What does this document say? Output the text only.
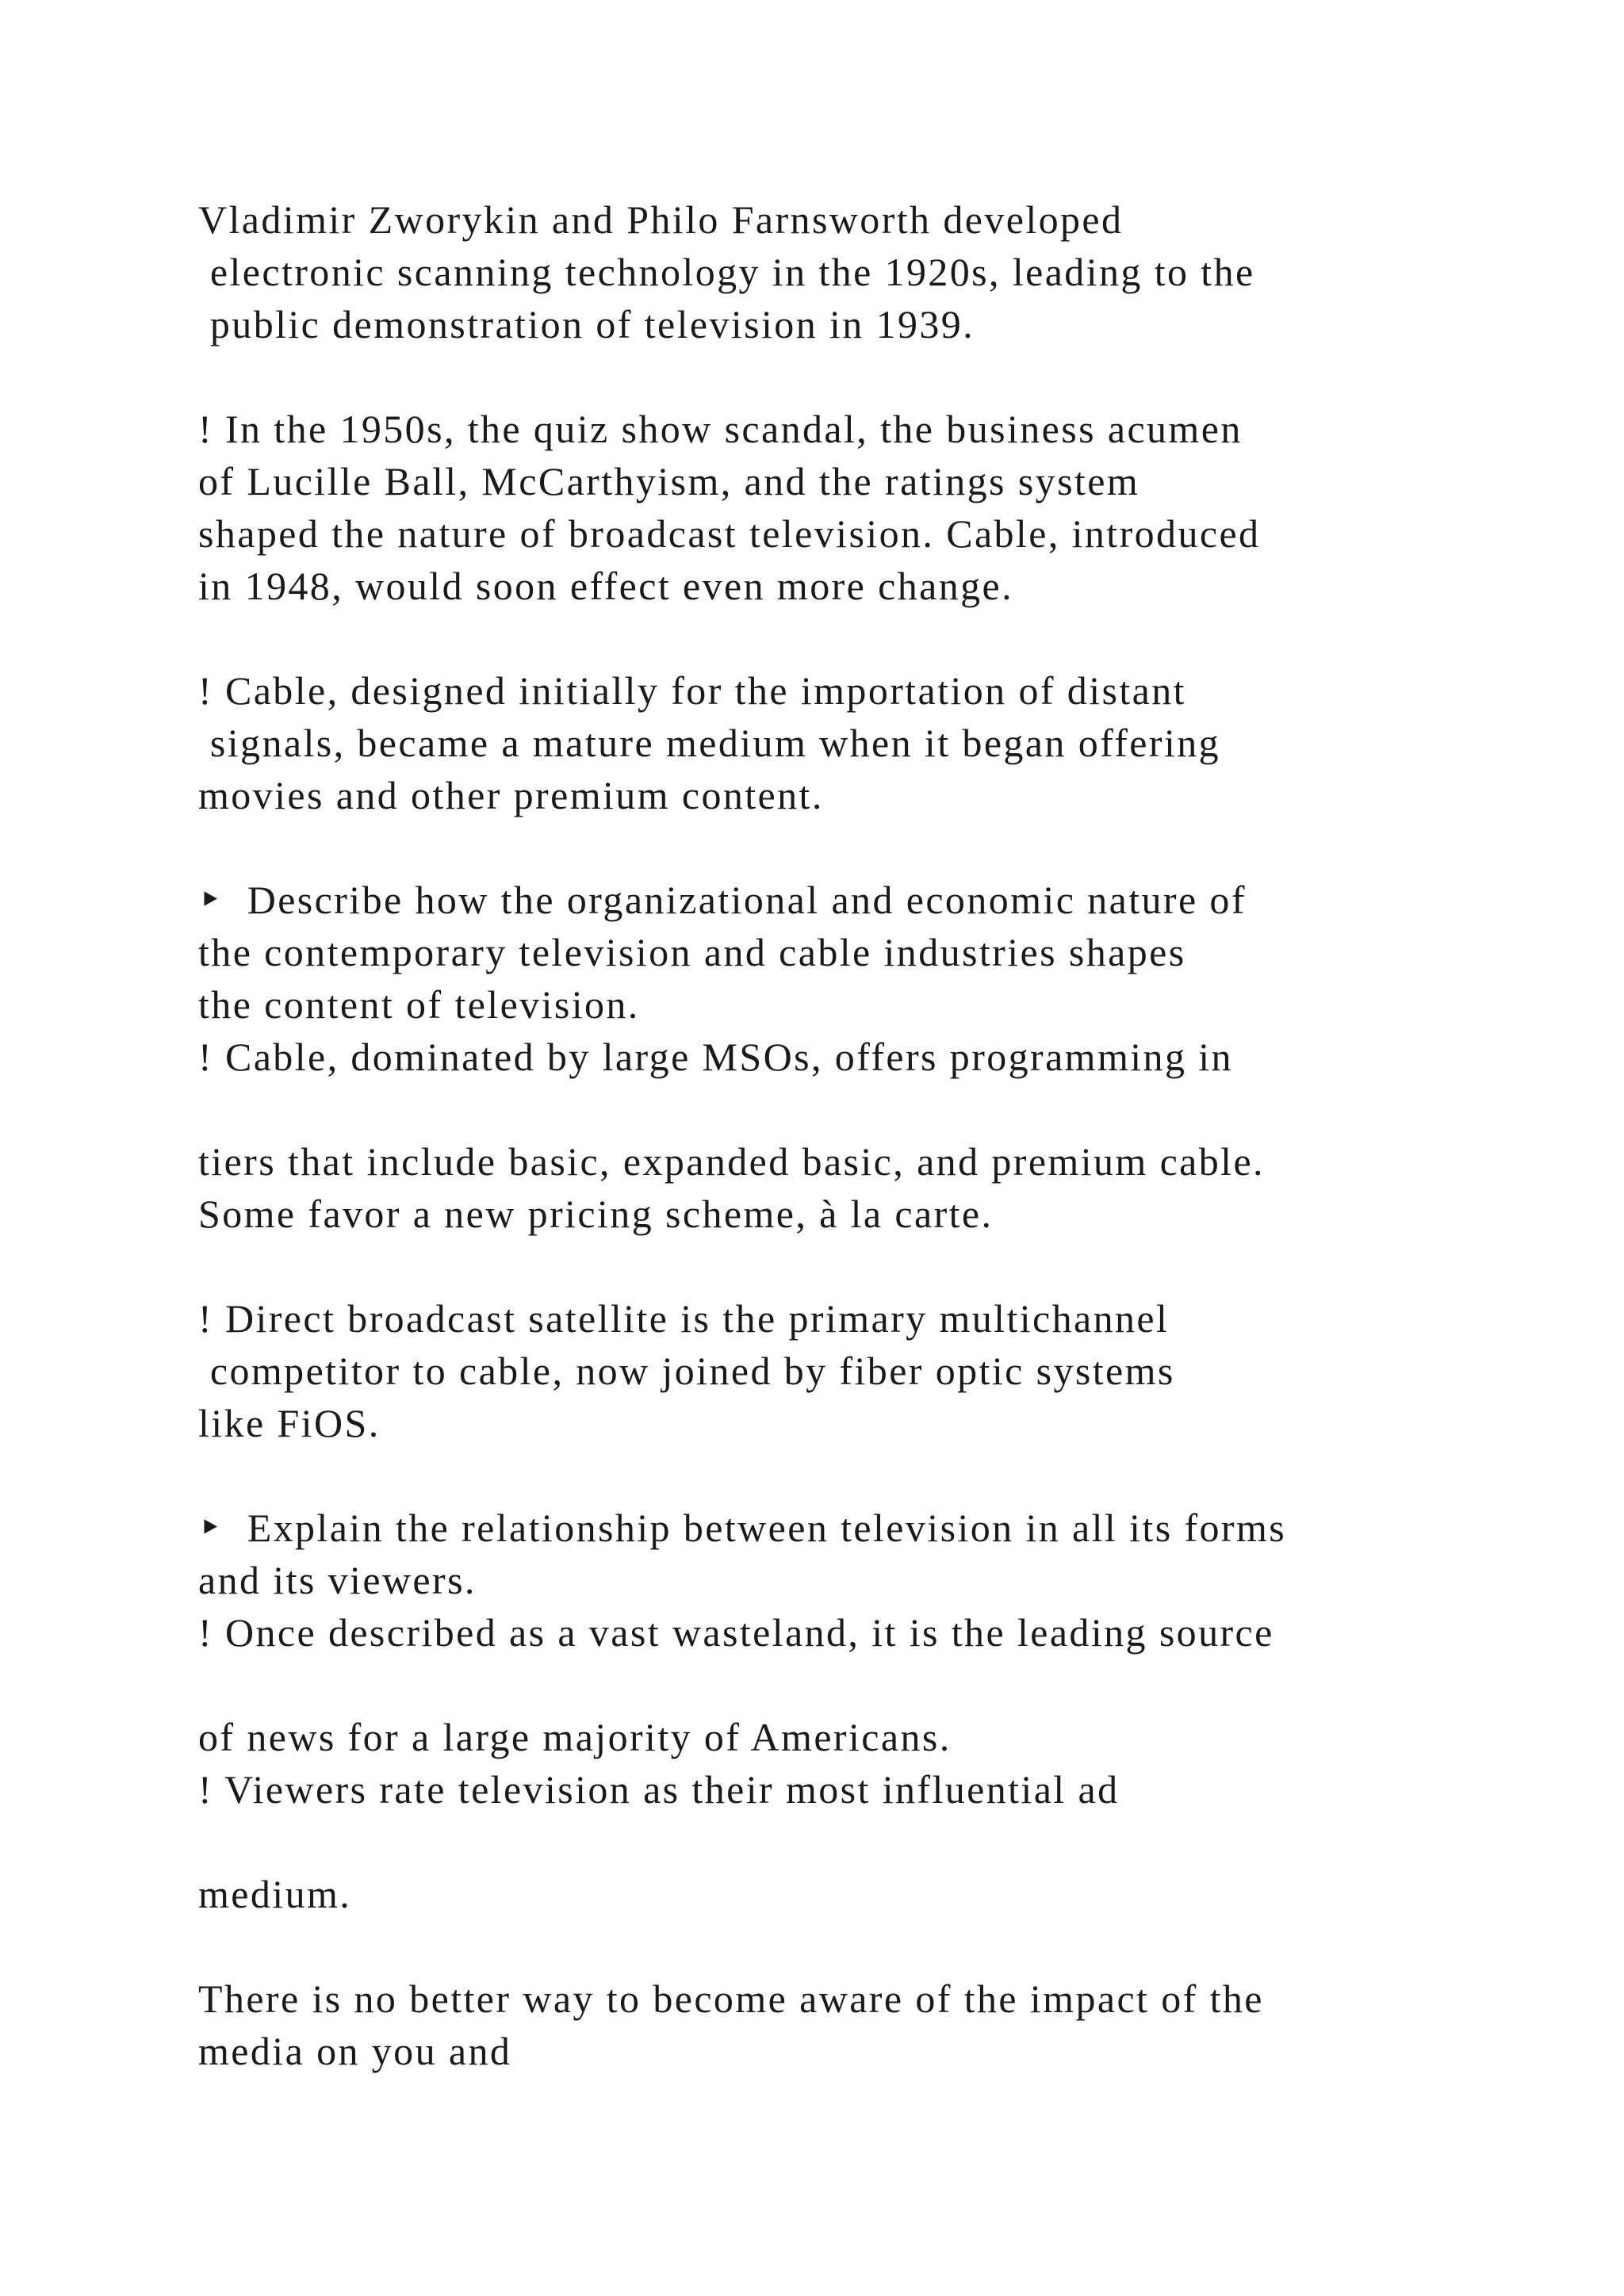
Vladimir Zworykin and Philo Farnsworth developed
electronic scanning technology in the 1920s, leading to the
public demonstration of television in 1939.
! In the 1950s, the quiz show scandal, the business acumen
of Lucille Ball, McCarthyism, and the ratings system
shaped the nature of broadcast television. Cable, introduced
in 1948, would soon effect even more change.
! Cable, designed initially for the importation of distant
signals, became a mature medium when it began offering
movies and other premium content.
‣  Describe how the organizational and economic nature of
the contemporary television and cable industries shapes
the content of television.
! Cable, dominated by large MSOs, offers programming in
tiers that include basic, expanded basic, and premium cable.
Some favor a new pricing scheme, à la carte.
! Direct broadcast satellite is the primary multichannel
competitor to cable, now joined by fiber optic systems
like FiOS.
‣  Explain the relationship between television in all its forms
and its viewers.
! Once described as a vast wasteland, it is the leading source
of news for a large majority of Americans.
! Viewers rate television as their most influential ad
medium.
There is no better way to become aware of the impact of the
media on you and
